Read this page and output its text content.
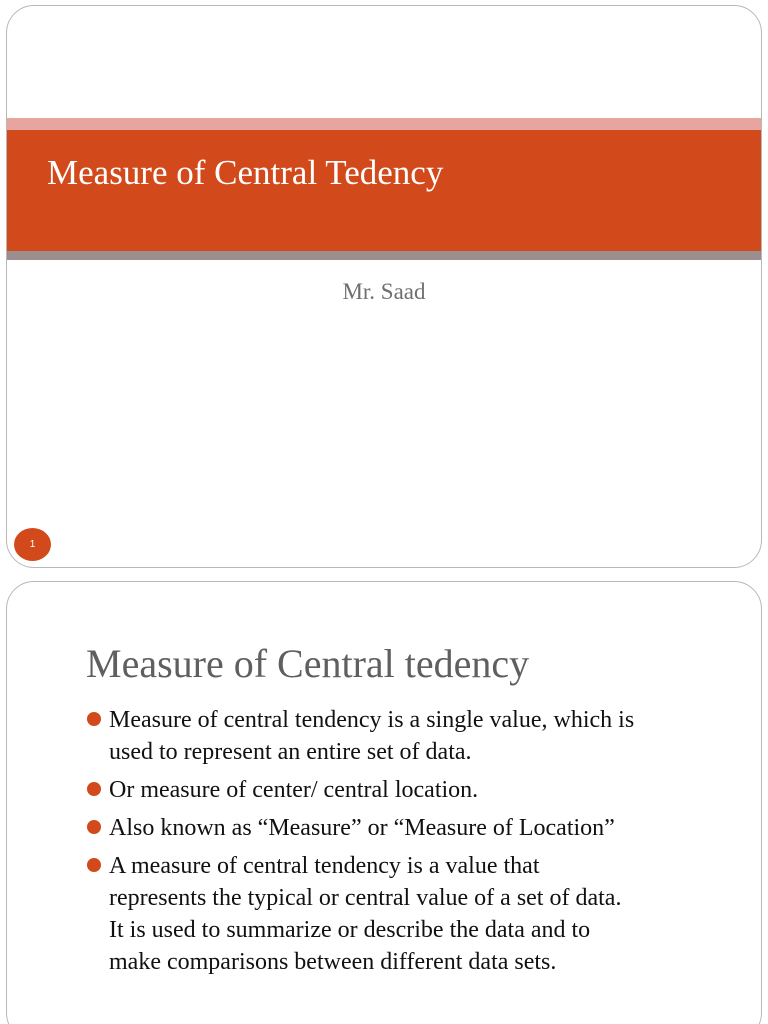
Measure of Central Tedency
Mr. Saad
1
Measure of Central tedency
Measure of central tendency is a single value, which is
used to represent an entire set of data.
Or measure of center/ central location.
Also known as “Measure” or “Measure of Location”
A measure of central tendency is a value that
represents the typical or central value of a set of data.
It is used to summarize or describe the data and to
make comparisons between different data sets.
